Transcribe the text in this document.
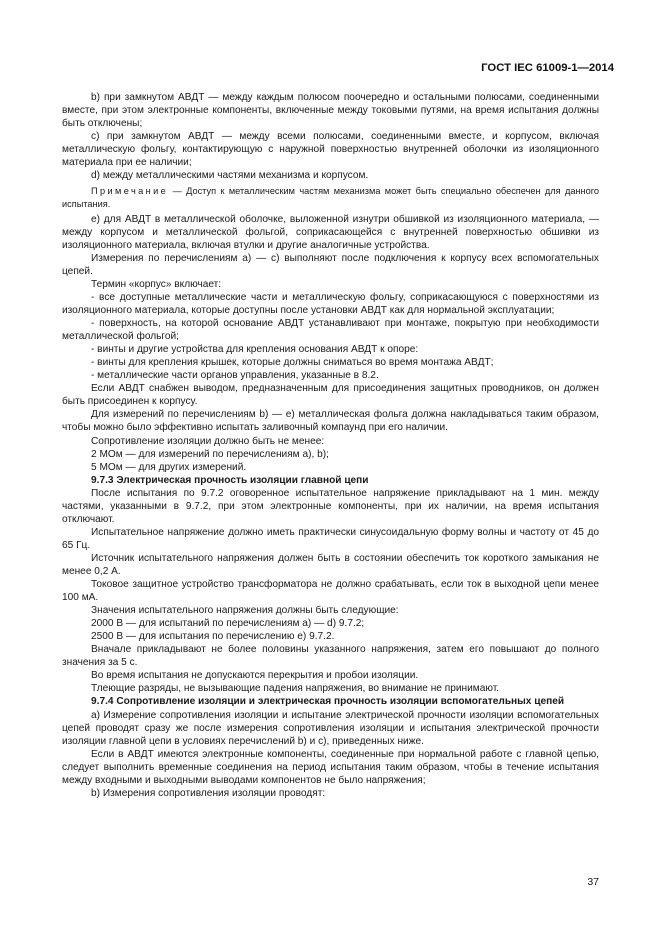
ГОСТ IEC 61009-1—2014

b) при замкнутом АВДТ — между каждым полюсом поочередно и остальными полюсами, соединенными вместе, при этом электронные компоненты, включенные между токовыми путями, на время испытания должны быть отключены;

c) при замкнутом АВДТ — между всеми полюсами, соединенными вместе, и корпусом, включая металлическую фольгу, контактирующую с наружной поверхностью внутренней оболочки из изоляционного материала при ее наличии;

d) между металлическими частями механизма и корпусом.

Примечание — Доступ к металлическим частям механизма может быть специально обеспечен для данного испытания.

e) для АВДТ в металлической оболочке, выложенной изнутри обшивкой из изоляционного материала, — между корпусом и металлической фольгой, соприкасающейся с внутренней поверхностью обшивки из изоляционного материала, включая втулки и другие аналогичные устройства.

Измерения по перечислениям а) — с) выполняют после подключения к корпусу всех вспомогательных цепей.

Термин «корпус» включает:

- все доступные металлические части и металлическую фольгу, соприкасающуюся с поверхностями из изоляционного материала, которые доступны после установки АВДТ как для нормальной эксплуатации;

- поверхность, на которой основание АВДТ устанавливают при монтаже, покрытую при необходимости металлической фольгой;

- винты и другие устройства для крепления основания АВДТ к опоре:

- винты для крепления крышек, которые должны сниматься во время монтажа АВДТ;

- металлические части органов управления, указанные в 8.2.

Если АВДТ снабжен выводом, предназначенным для присоединения защитных проводников, он должен быть присоединен к корпусу.

Для измерений по перечислениям b) — e) металлическая фольга должна накладываться таким образом, чтобы можно было эффективно испытать заливочный компаунд при его наличии.

Сопротивление изоляции должно быть не менее:

2 МОм — для измерений по перечислениям а), b);

5 МОм — для других измерений.

9.7.3 Электрическая прочность изоляции главной цепи

После испытания по 9.7.2 оговоренное испытательное напряжение прикладывают на 1 мин. между частями, указанными в 9.7.2, при этом электронные компоненты, при их наличии, на время испытания отключают.

Испытательное напряжение должно иметь практически синусоидальную форму волны и частоту от 45 до 65 Гц.

Источник испытательного напряжения должен быть в состоянии обеспечить ток короткого замыкания не менее 0,2 А.

Токовое защитное устройство трансформатора не должно срабатывать, если ток в выходной цепи менее 100 мА.

Значения испытательного напряжения должны быть следующие:

2000 В — для испытаний по перечислениям а) — d) 9.7.2;

2500 В — для испытания по перечислению е) 9.7.2.

Вначале прикладывают не более половины указанного напряжения, затем его повышают до полного значения за 5 с.

Во время испытания не допускаются перекрытия и пробои изоляции.

Тлеющие разряды, не вызывающие падения напряжения, во внимание не принимают.

9.7.4 Сопротивление изоляции и электрическая прочность изоляции вспомогательных цепей

а) Измерение сопротивления изоляции и испытание электрической прочности изоляции вспомогательных цепей проводят сразу же после измерения сопротивления изоляции и испытания электрической прочности изоляции главной цепи в условиях перечислений b) и c), приведенных ниже.

Если в АВДТ имеются электронные компоненты, соединенные при нормальной работе с главной цепью, следует выполнить временные соединения на период испытания таким образом, чтобы в течение испытания между входными и выходными выводами компонентов не было напряжения;

b) Измерения сопротивления изоляции проводят:

37
